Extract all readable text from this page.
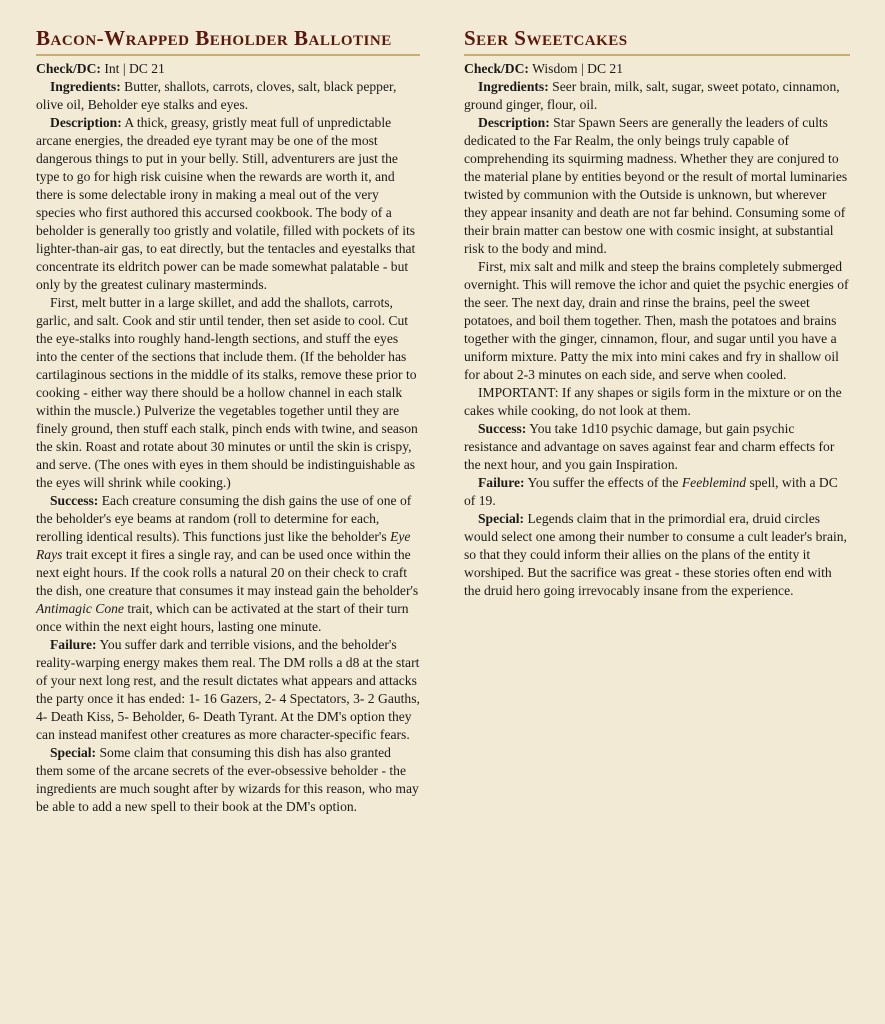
Bacon-Wrapped Beholder Ballotine

Check/DC: Int | DC 21

Ingredients: Butter, shallots, carrots, cloves, salt, black pepper, olive oil, Beholder eye stalks and eyes.

Description: A thick, greasy, gristly meat full of unpredictable arcane energies, the dreaded eye tyrant may be one of the most dangerous things to put in your belly. Still, adventurers are just the type to go for high risk cuisine when the rewards are worth it, and there is some delectable irony in making a meal out of the very species who first authored this accursed cookbook. The body of a beholder is generally too gristly and volatile, filled with pockets of its lighter-than-air gas, to eat directly, but the tentacles and eyestalks that concentrate its eldritch power can be made somewhat palatable - but only by the greatest culinary masterminds.

First, melt butter in a large skillet, and add the shallots, carrots, garlic, and salt. Cook and stir until tender, then set aside to cool. Cut the eye-stalks into roughly hand-length sections, and stuff the eyes into the center of the sections that include them. (If the beholder has cartilaginous sections in the middle of its stalks, remove these prior to cooking - either way there should be a hollow channel in each stalk within the muscle.) Pulverize the vegetables together until they are finely ground, then stuff each stalk, pinch ends with twine, and season the skin. Roast and rotate about 30 minutes or until the skin is crispy, and serve. (The ones with eyes in them should be indistinguishable as the eyes will shrink while cooking.)

Success: Each creature consuming the dish gains the use of one of the beholder's eye beams at random (roll to determine for each, rerolling identical results). This functions just like the beholder's Eye Rays trait except it fires a single ray, and can be used once within the next eight hours. If the cook rolls a natural 20 on their check to craft the dish, one creature that consumes it may instead gain the beholder's Antimagic Cone trait, which can be activated at the start of their turn once within the next eight hours, lasting one minute.

Failure: You suffer dark and terrible visions, and the beholder's reality-warping energy makes them real. The DM rolls a d8 at the start of your next long rest, and the result dictates what appears and attacks the party once it has ended: 1- 16 Gazers, 2- 4 Spectators, 3- 2 Gauths, 4- Death Kiss, 5- Beholder, 6- Death Tyrant. At the DM's option they can instead manifest other creatures as more character-specific fears.

Special: Some claim that consuming this dish has also granted them some of the arcane secrets of the ever-obsessive beholder - the ingredients are much sought after by wizards for this reason, who may be able to add a new spell to their book at the DM's option.

Seer Sweetcakes

Check/DC: Wisdom | DC 21

Ingredients: Seer brain, milk, salt, sugar, sweet potato, cinnamon, ground ginger, flour, oil.

Description: Star Spawn Seers are generally the leaders of cults dedicated to the Far Realm, the only beings truly capable of comprehending its squirming madness. Whether they are conjured to the material plane by entities beyond or the result of mortal luminaries twisted by communion with the Outside is unknown, but wherever they appear insanity and death are not far behind. Consuming some of their brain matter can bestow one with cosmic insight, at substantial risk to the body and mind.

First, mix salt and milk and steep the brains completely submerged overnight. This will remove the ichor and quiet the psychic energies of the seer. The next day, drain and rinse the brains, peel the sweet potatoes, and boil them together. Then, mash the potatoes and brains together with the ginger, cinnamon, flour, and sugar until you have a uniform mixture. Patty the mix into mini cakes and fry in shallow oil for about 2-3 minutes on each side, and serve when cooled.

IMPORTANT: If any shapes or sigils form in the mixture or on the cakes while cooking, do not look at them.

Success: You take 1d10 psychic damage, but gain psychic resistance and advantage on saves against fear and charm effects for the next hour, and you gain Inspiration.

Failure: You suffer the effects of the Feeblemind spell, with a DC of 19.

Special: Legends claim that in the primordial era, druid circles would select one among their number to consume a cult leader's brain, so that they could inform their allies on the plans of the entity it worshiped. But the sacrifice was great - these stories often end with the druid hero going irrevocably insane from the experience.
